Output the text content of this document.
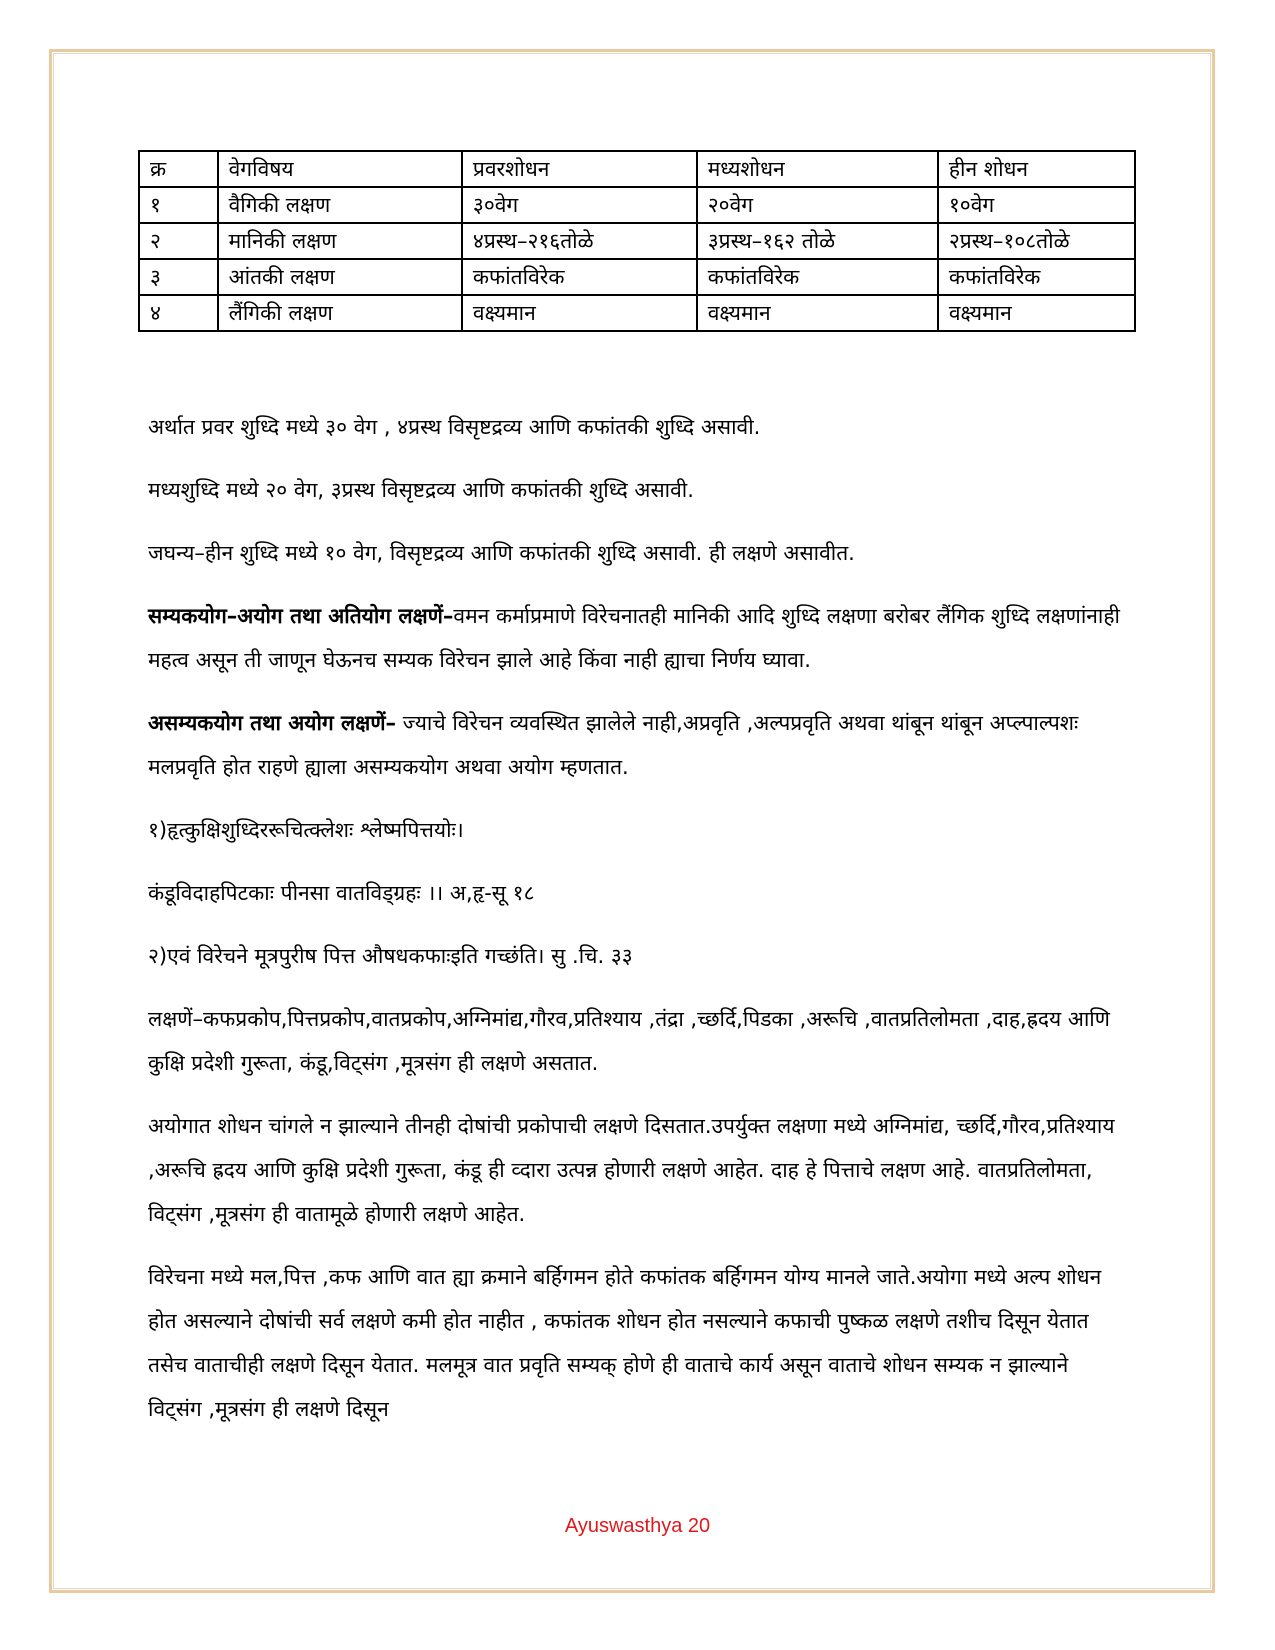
क्र	वेगविषय	प्रवरशोधन	मध्यशोधन	हीन शोधन
१	वैगिकी लक्षण	३०वेग	२०वेग	१०वेग
२	मानिकी लक्षण	४प्रस्थ–२१६तोळे	३प्रस्थ–१६२ तोळे	२प्रस्थ–१०८तोळे
३	आंतकी लक्षण	कफांतविरेक	कफांतविरेक	कफांतविरेक
४	लैंगिकी लक्षण	वक्ष्यमान	वक्ष्यमान	वक्ष्यमान

अर्थात प्रवर शुध्दि मध्ये ३० वेग , ४प्रस्थ विसृष्टद्रव्य आणि कफांतकी शुध्दि असावी.

मध्यशुध्दि मध्ये २० वेग, ३प्रस्थ विसृष्टद्रव्य आणि कफांतकी शुध्दि असावी.

जघन्य–हीन शुध्दि मध्ये १० वेग, विसृष्टद्रव्य आणि कफांतकी शुध्दि असावी. ही लक्षणे असावीत.

सम्यकयोग–अयोग तथा अतियोग लक्षणें–वमन कर्माप्रमाणे विरेचनातही मानिकी आदि शुध्दि लक्षणा बरोबर लैंगिक शुध्दि लक्षणांनाही महत्व असून ती जाणून घेऊनच सम्यक विरेचन झाले आहे किंवा नाही ह्याचा निर्णय घ्यावा.

असम्यकयोग तथा अयोग लक्षणें– ज्याचे विरेचन व्यवस्थित झालेले नाही,अप्रवृति ,अल्पप्रवृति अथवा थांबून थांबून अप्ल्पाल्पशः मलप्रवृति होत राहणे ह्याला असम्यकयोग अथवा अयोग म्हणतात.

१)हृत्कुक्षिशुध्दिररूचित्क्लेशः श्लेष्मपित्तयोः।

कंडूविदाहपिटकाः पीनसा वातविड्ग्रहः ।। अ,हृ-सू १८

२)एवं विरेचने मूत्रपुरीष पित्त औषधकफाःइति गच्छंति। सु .चि. ३३

लक्षणें–कफप्रकोप,पित्तप्रकोप,वातप्रकोप,अग्निमांद्य,गौरव,प्रतिश्याय ,तंद्रा ,च्छर्दि,पिडका ,अरूचि ,वातप्रतिलोमता ,दाह,ह्रदय आणि कुक्षि प्रदेशी गुरूता, कंडू,विट्संग ,मूत्रसंग ही लक्षणे असतात.

अयोगात शोधन चांगले न झाल्याने तीनही दोषांची प्रकोपाची लक्षणे दिसतात.उपर्युक्त लक्षणा मध्ये अग्निमांद्य, च्छर्दि,गौरव,प्रतिश्याय ,अरूचि ह्रदय आणि कुक्षि प्रदेशी गुरूता, कंडू ही व्दारा उत्पन्न होणारी लक्षणे आहेत. दाह हे पित्ताचे लक्षण आहे. वातप्रतिलोमता, विट्संग ,मूत्रसंग ही वातामूळे होणारी लक्षणे आहेत.

विरेचना मध्ये मल,पित्त ,कफ आणि वात ह्या क्रमाने बर्हिगमन होते कफांतक बर्हिगमन योग्य मानले जाते.अयोगा मध्ये अल्प शोधन होत असल्याने दोषांची सर्व लक्षणे कमी होत नाहीत , कफांतक शोधन होत नसल्याने कफाची पुष्कळ लक्षणे तशीच दिसून येतात तसेच वाताचीही लक्षणे दिसून येतात. मलमूत्र वात प्रवृति सम्यक् होणे ही वाताचे कार्य असून वाताचे शोधन सम्यक न झाल्याने विट्संग ,मूत्रसंग ही लक्षणे दिसून

Ayuswasthya 20
